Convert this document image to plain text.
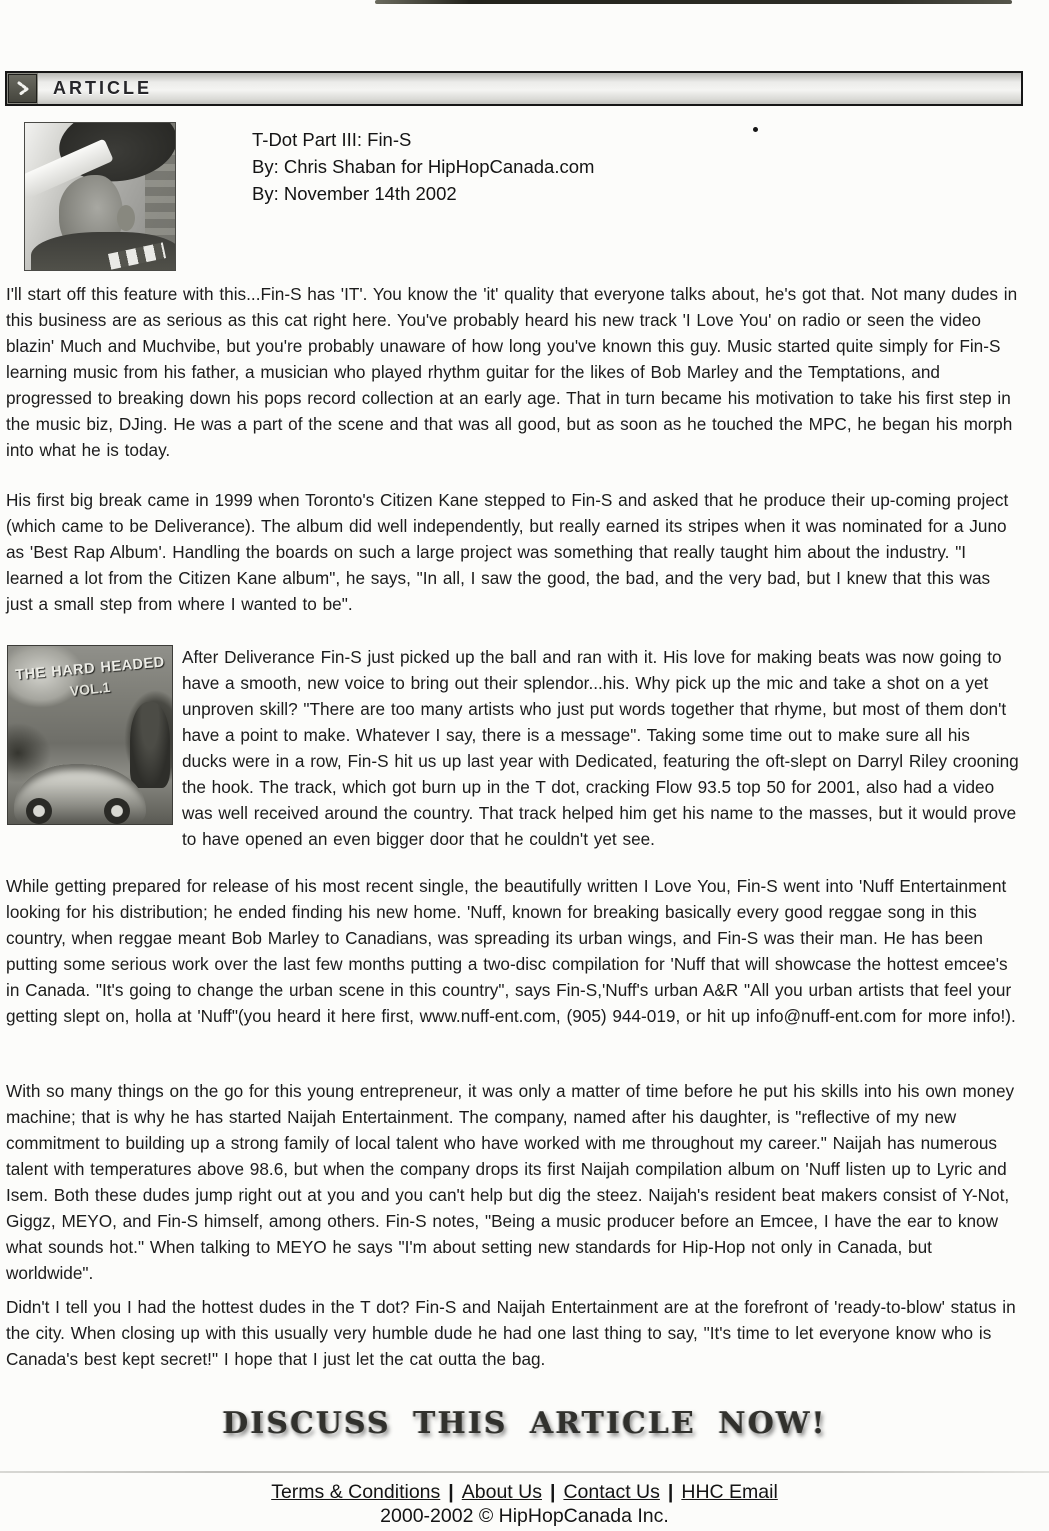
ARTICLE
T-Dot Part III: Fin-S
By: Chris Shaban for HipHopCanada.com
By: November 14th 2002

I'll start off this feature with this...Fin-S has 'IT'. You know the 'it' quality that everyone talks about, he's got that. Not many dudes in this business are as serious as this cat right here. You've probably heard his new track 'I Love You' on radio or seen the video blazin' Much and Muchvibe, but you're probably unaware of how long you've known this guy. Music started quite simply for Fin-S learning music from his father, a musician who played rhythm guitar for the likes of Bob Marley and the Temptations, and progressed to breaking down his pops record collection at an early age. That in turn became his motivation to take his first step in the music biz, DJing. He was a part of the scene and that was all good, but as soon as he touched the MPC, he began his morph into what he is today.

His first big break came in 1999 when Toronto's Citizen Kane stepped to Fin-S and asked that he produce their up-coming project (which came to be Deliverance). The album did well independently, but really earned its stripes when it was nominated for a Juno as 'Best Rap Album'. Handling the boards on such a large project was something that really taught him about the industry. "I learned a lot from the Citizen Kane album", he says, "In all, I saw the good, the bad, and the very bad, but I knew that this was just a small step from where I wanted to be".

THE HARD HEADED
VOL.1
After Deliverance Fin-S just picked up the ball and ran with it. His love for making beats was now going to have a smooth, new voice to bring out their splendor...his. Why pick up the mic and take a shot on a yet unproven skill? "There are too many artists who just put words together that rhyme, but most of them don't have a point to make. Whatever I say, there is a message". Taking some time out to make sure all his ducks were in a row, Fin-S hit us up last year with Dedicated, featuring the oft-slept on Darryl Riley crooning the hook. The track, which got burn up in the T dot, cracking Flow 93.5 top 50 for 2001, also had a video was well received around the country. That track helped him get his name to the masses, but it would prove to have opened an even bigger door that he couldn't yet see.

While getting prepared for release of his most recent single, the beautifully written I Love You, Fin-S went into 'Nuff Entertainment looking for his distribution; he ended finding his new home. 'Nuff, known for breaking basically every good reggae song in this country, when reggae meant Bob Marley to Canadians, was spreading its urban wings, and Fin-S was their man. He has been putting some serious work over the last few months putting a two-disc compilation for 'Nuff that will showcase the hottest emcee's in Canada. "It's going to change the urban scene in this country", says Fin-S,'Nuff's urban A&R "All you urban artists that feel your getting slept on, holla at 'Nuff"(you heard it here first, www.nuff-ent.com, (905) 944-019, or hit up info@nuff-ent.com for more info!).

With so many things on the go for this young entrepreneur, it was only a matter of time before he put his skills into his own money machine; that is why he has started Naijah Entertainment. The company, named after his daughter, is "reflective of my new commitment to building up a strong family of local talent who have worked with me throughout my career." Naijah has numerous talent with temperatures above 98.6, but when the company drops its first Naijah compilation album on 'Nuff listen up to Lyric and Isem. Both these dudes jump right out at you and you can't help but dig the steez. Naijah's resident beat makers consist of Y-Not, Giggz, MEYO, and Fin-S himself, among others. Fin-S notes, "Being a music producer before an Emcee, I have the ear to know what sounds hot." When talking to MEYO he says "I'm about setting new standards for Hip-Hop not only in Canada, but worldwide".

Didn't I tell you I had the hottest dudes in the T dot? Fin-S and Naijah Entertainment are at the forefront of 'ready-to-blow' status in the city. When closing up with this usually very humble dude he had one last thing to say, "It's time to let everyone know who is Canada's best kept secret!" I hope that I just let the cat outta the bag.

DISCUSS THIS ARTICLE NOW!
Terms & Conditions | About Us | Contact Us | HHC Email
2000-2002 © HipHopCanada Inc.
